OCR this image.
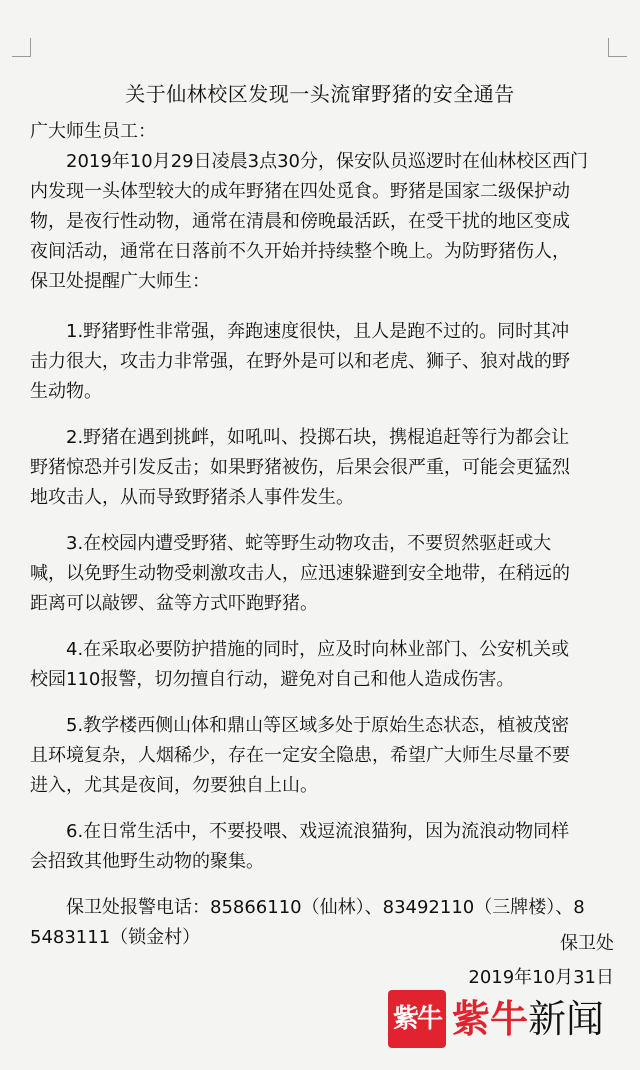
关于仙林校区发现一头流窜野猪的安全通告
广大师生员工：
2019年10月29日凌晨3点30分，保安队员巡逻时在仙林校区西门
内发现一头体型较大的成年野猪在四处觅食。野猪是国家二级保护动
物，是夜行性动物，通常在清晨和傍晚最活跃，在受干扰的地区变成
夜间活动，通常在日落前不久开始并持续整个晚上。为防野猪伤人，
保卫处提醒广大师生：
1.野猪野性非常强，奔跑速度很快，且人是跑不过的。同时其冲
击力很大，攻击力非常强，在野外是可以和老虎、狮子、狼对战的野
生动物。
2.野猪在遇到挑衅，如吼叫、投掷石块，携棍追赶等行为都会让
野猪惊恐并引发反击；如果野猪被伤，后果会很严重，可能会更猛烈
地攻击人，从而导致野猪杀人事件发生。
3.在校园内遭受野猪、蛇等野生动物攻击，不要贸然驱赶或大
喊，以免野生动物受刺激攻击人，应迅速躲避到安全地带，在稍远的
距离可以敲锣、盆等方式吓跑野猪。
4.在采取必要防护措施的同时，应及时向林业部门、公安机关或
校园110报警，切勿擅自行动，避免对自己和他人造成伤害。
5.教学楼西侧山体和鼎山等区域多处于原始生态状态，植被茂密
且环境复杂，人烟稀少，存在一定安全隐患，希望广大师生尽量不要
进入，尤其是夜间，勿要独自上山。
6.在日常生活中，不要投喂、戏逗流浪猫狗，因为流浪动物同样
会招致其他野生动物的聚集。
保卫处报警电话：85866110（仙林）、83492110（三牌楼）、8
5483111（锁金村）	保卫处
2019年10月31日
紫牛 紫牛新闻
